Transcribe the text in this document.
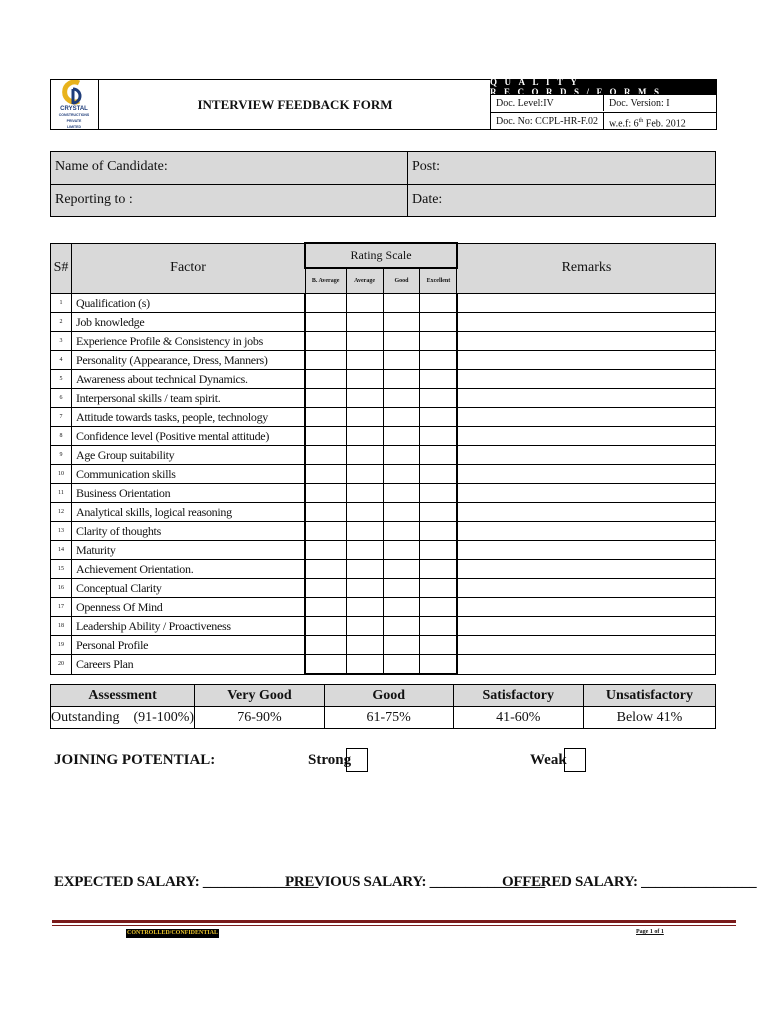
CRYSTAL
CONSTRUCTIONS
PRIVATE
LIMITED
INTERVIEW FEEDBACK FORM
QUALITY RECORDS/FORMS
Doc. Level:IV	Doc. Version: I
Doc. No: CCPL-HR-F.02	w.e.f: 6th Feb. 2012
Name of Candidate:	Post:
Reporting to :	Date:
S#	Factor	Rating Scale				Remarks
		B. Average	Average	Good	Excellent	
1	Qualification (s)					
2	Job knowledge					
3	Experience Profile & Consistency in jobs					
4	Personality (Appearance, Dress, Manners)					
5	Awareness about technical Dynamics.					
6	Interpersonal skills / team spirit.					
7	Attitude towards tasks, people, technology					
8	Confidence level (Positive mental attitude)					
9	Age Group suitability					
10	Communication skills					
11	Business Orientation					
12	Analytical skills, logical reasoning					
13	Clarity of thoughts					
14	Maturity					
15	Achievement Orientation.					
16	Conceptual Clarity					
17	Openness Of Mind					
18	Leadership Ability / Proactiveness					
19	Personal Profile					
20	Careers Plan					
Assessment	Very Good	Good	Satisfactory	Unsatisfactory
Outstanding    (91-100%)	76-90%	61-75%	41-60%	Below 41%
JOINING POTENTIAL:	Strong	Weak
EXPECTED SALARY: ________________
PREVIOUS SALARY: ________________
OFFERED SALARY: ________________
CONTROLLED/CONFIDENTIAL	Page 1 of 1
